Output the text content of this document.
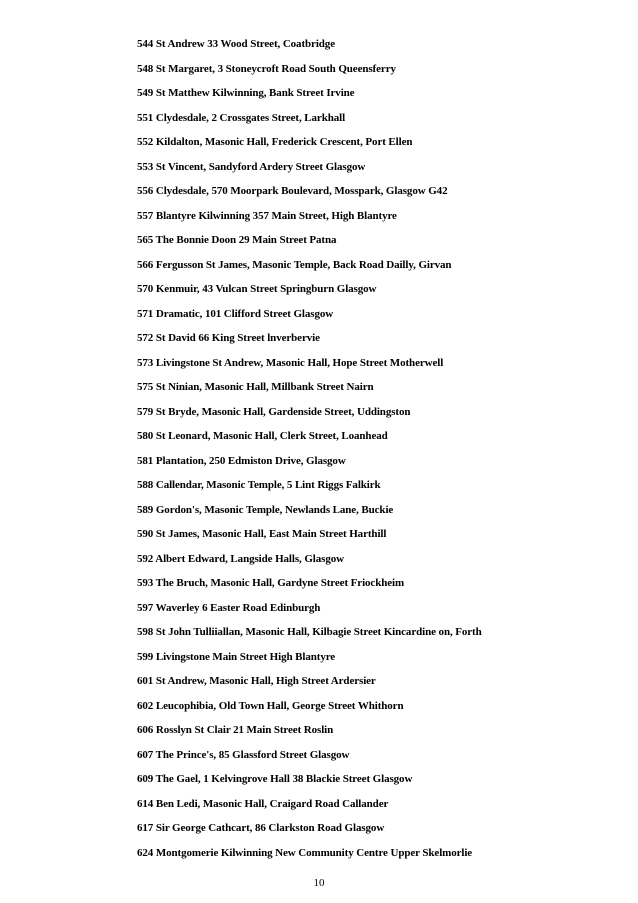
544 St Andrew 33 Wood Street, Coatbridge
548 St Margaret, 3 Stoneycroft Road South Queensferry
549 St Matthew Kilwinning, Bank Street Irvine
551 Clydesdale, 2 Crossgates Street, Larkhall
552 Kildalton, Masonic Hall, Frederick Crescent, Port Ellen
553 St Vincent, Sandyford Ardery Street Glasgow
556 Clydesdale, 570 Moorpark Boulevard, Mosspark, Glasgow G42
557 Blantyre Kilwinning 357 Main Street, High Blantyre
565 The Bonnie Doon 29 Main Street Patna
566 Fergusson St James, Masonic Temple, Back Road Dailly, Girvan
570 Kenmuir, 43 Vulcan Street Springburn Glasgow
571 Dramatic, 101 Clifford Street Glasgow
572 St David 66 King Street lnverbervie
573 Livingstone St Andrew, Masonic Hall, Hope Street Motherwell
575 St Ninian, Masonic Hall, Millbank Street Nairn
579 St Bryde, Masonic Hall, Gardenside Street, Uddingston
580 St Leonard, Masonic Hall, Clerk Street, Loanhead
581 Plantation, 250 Edmiston Drive, Glasgow
588 Callendar, Masonic Temple, 5 Lint Riggs Falkirk
589 Gordon's, Masonic Temple, Newlands Lane, Buckie
590 St James, Masonic Hall, East Main Street Harthill
592 Albert Edward, Langside Halls, Glasgow
593 The Bruch, Masonic Hall, Gardyne Street Friockheim
597 Waverley 6 Easter Road Edinburgh
598 St John Tulliiallan, Masonic Hall, Kilbagie Street Kincardine on, Forth
599 Livingstone Main Street High Blantyre
601 St Andrew, Masonic Hall, High Street Ardersier
602 Leucophibia, Old Town Hall, George Street Whithorn
606 Rosslyn St Clair 21 Main Street Roslin
607 The Prince's, 85 Glassford Street Glasgow
609 The Gael, 1 Kelvingrove Hall 38 Blackie Street Glasgow
614 Ben Ledi, Masonic Hall, Craigard Road Callander
617 Sir George Cathcart, 86 Clarkston Road Glasgow
624 Montgomerie Kilwinning New Community Centre Upper Skelmorlie
10
